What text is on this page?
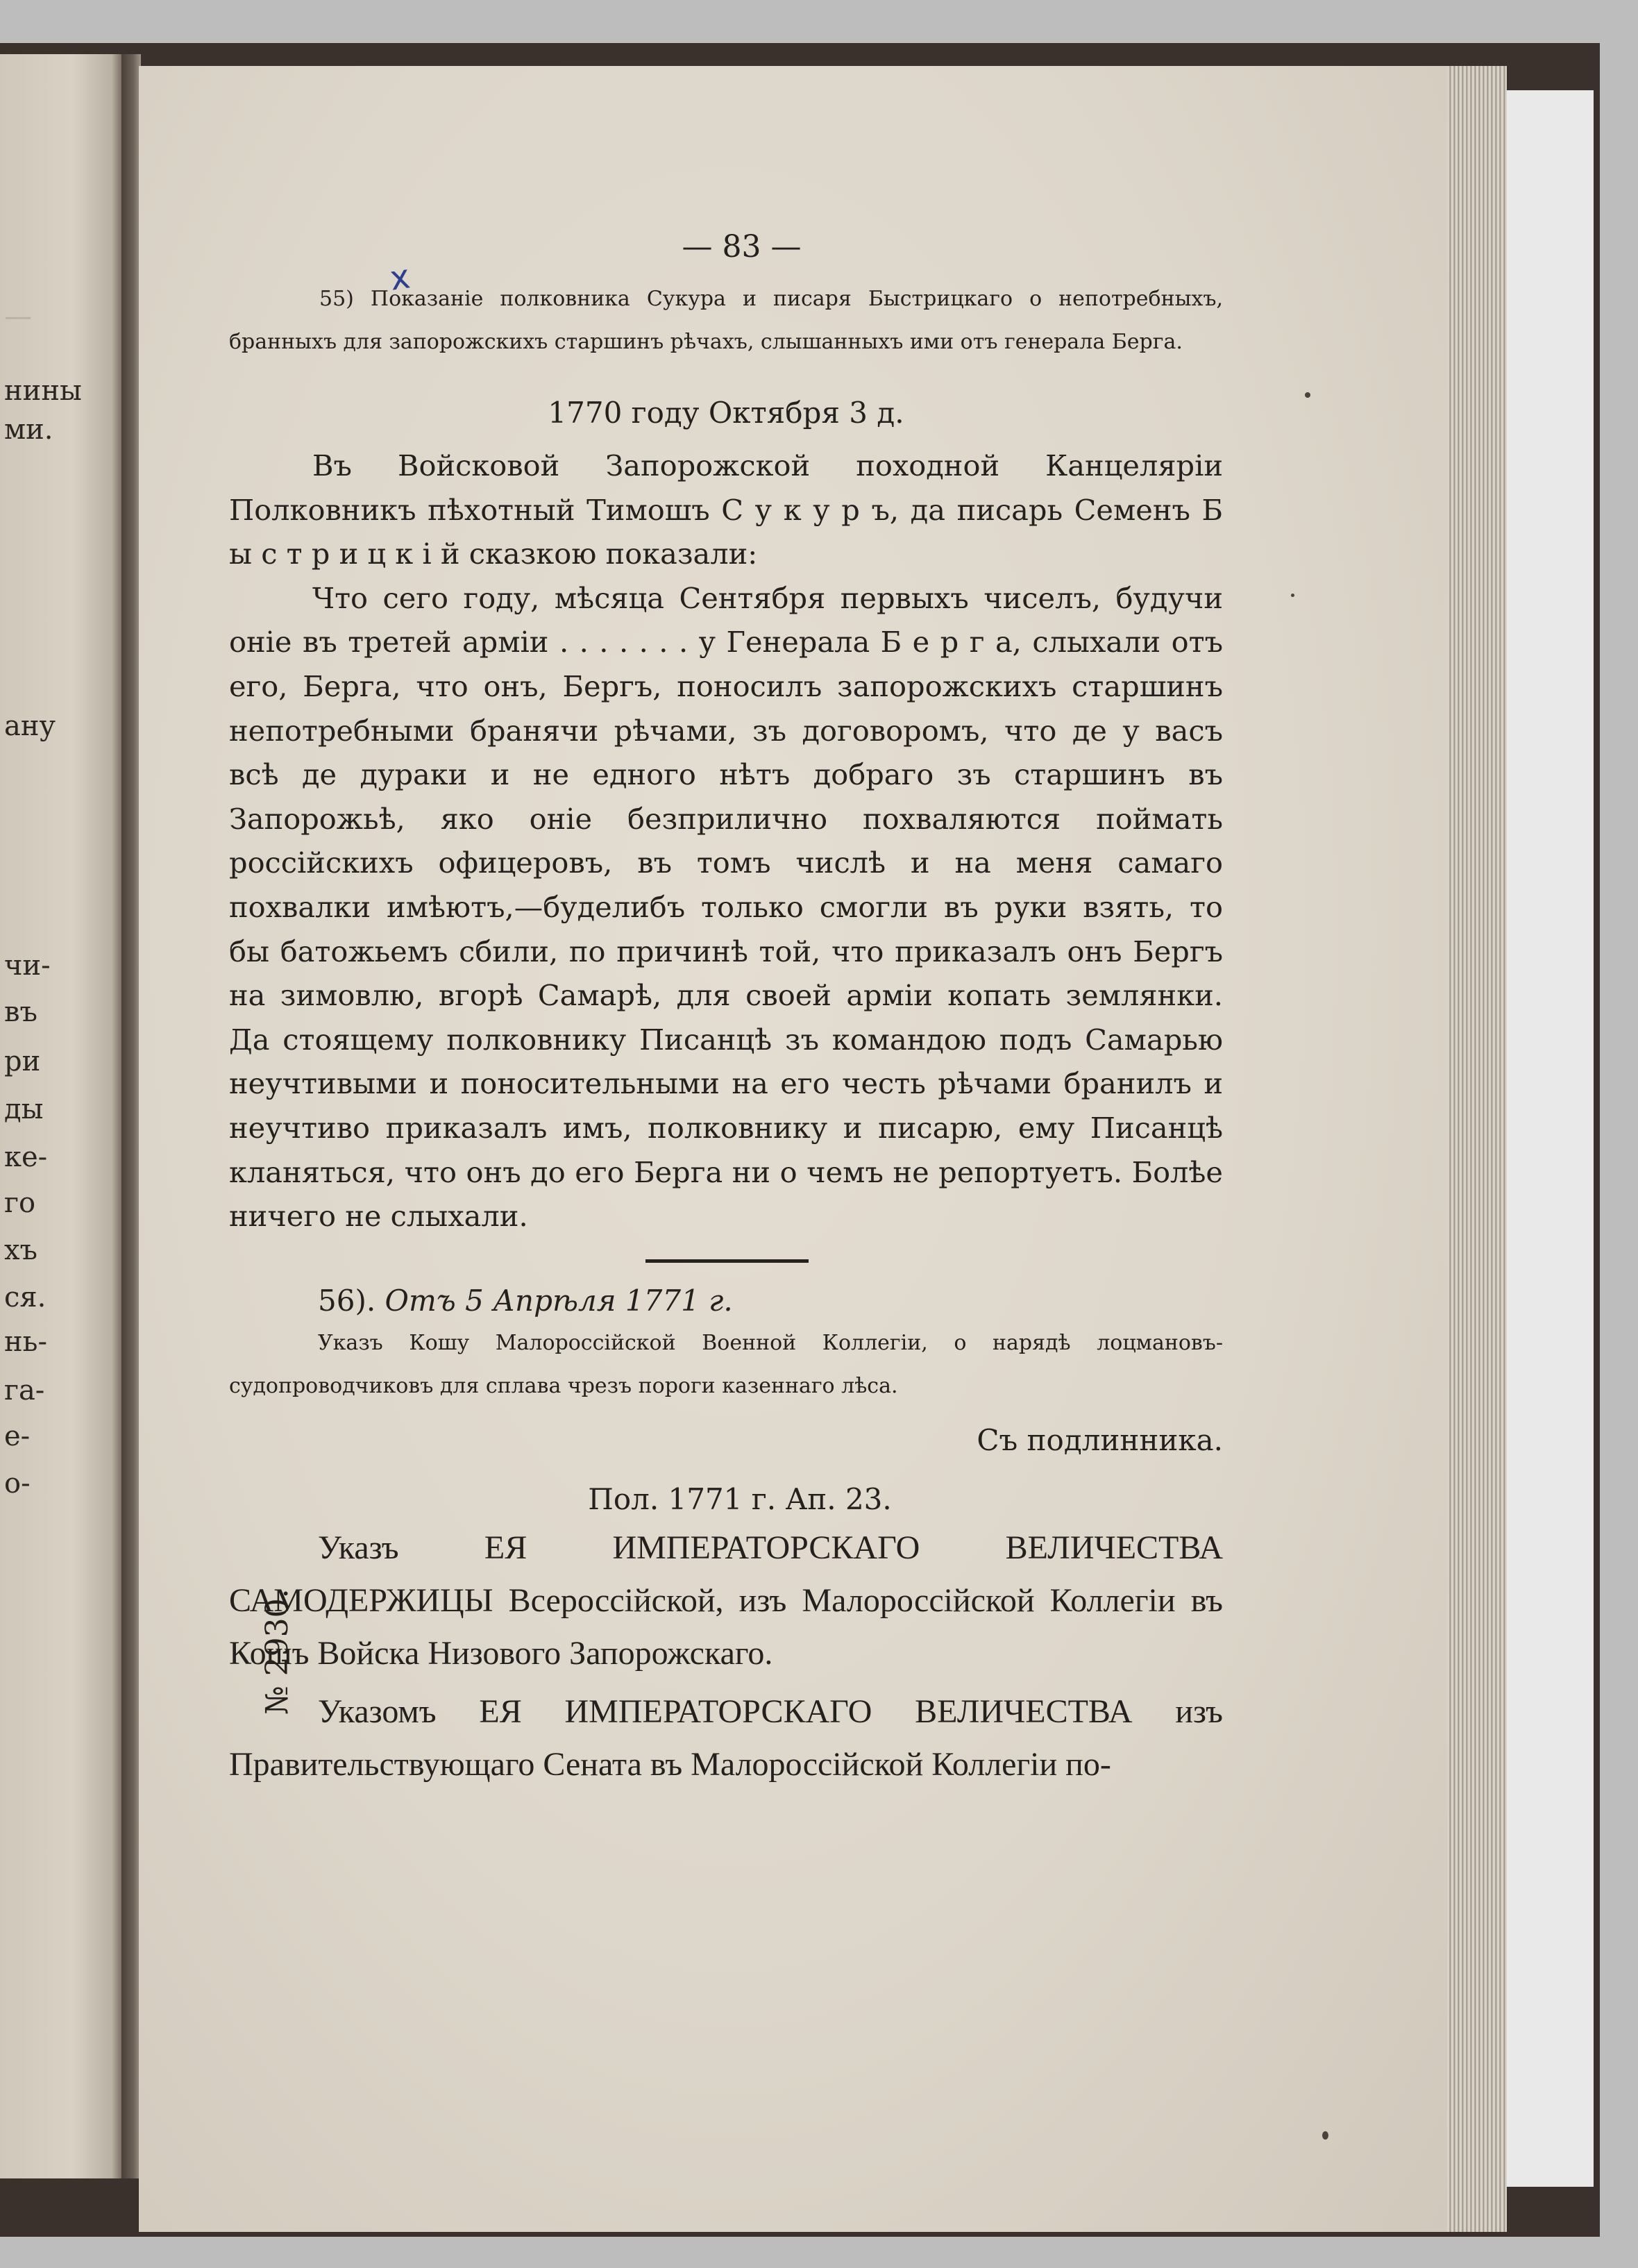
—
нины
ми.
ану
чи-
въ
ри
ды
ке-
го
хъ
ся.
нь-
га-
е-
о-
x
— 83 —
55) Показаніе полковника Сукура и писаря Быстрицкаго о непотребныхъ, бранныхъ для запорожскихъ старшинъ рѣчахъ, слышанныхъ ими отъ генерала Берга.
1770 году Октября 3 д.

Въ Войсковой Запорожской походной Канцеляріи Полковникъ пѣхотный Тимошъ С у к у р ъ, да писарь Семенъ Б ы с т р и ц к і й сказкою показали:

Что сего году, мѣсяца Сентября первыхъ чиселъ, будучи оніе въ третей арміи . . . . . . . у Генерала Б е р г а, слыхали отъ его, Берга, что онъ, Бергъ, поносилъ запорожскихъ старшинъ непотребными бранячи рѣчами, зъ договоромъ, что де у васъ всѣ де дураки и не едного нѣтъ добраго зъ старшинъ въ Запорожьѣ, яко оніе безприлично похваляются поймать россійскихъ офицеровъ, въ томъ числѣ и на меня самаго похвалки имѣютъ,—буделибъ только смогли въ руки взять, то бы батожьемъ сбили, по причинѣ той, что приказалъ онъ Бергъ на зимовлю, вгорѣ Самарѣ, для своей арміи копать землянки. Да стоящему полковнику Писанцѣ зъ командою подъ Самарью неучтивыми и поносительными на его честь рѣчами бранилъ и неучтиво приказалъ имъ, полковнику и писарю, ему Писанцѣ кланяться, что онъ до его Берга ни о чемъ не репортуетъ. Болѣе ничего не слыхали.

56). Отъ 5 Апрѣля 1771 г.
Указъ Кошу Малороссійской Военной Коллегіи, о нарядѣ лоцмановъ-судопроводчиковъ для сплава чрезъ пороги казеннаго лѣса.
Съ подлинника.
Пол. 1771 г. Ап. 23.
Указъ ЕЯ ИМПЕРАТОРСКАГО ВЕЛИЧЕСТВА САМОДЕРЖИЦЫ Всероссійской, изъ Малороссійской Коллегіи въ Кошъ Войска Низового Запорожскаго.
Указомъ ЕЯ ИМПЕРАТОРСКАГО ВЕЛИЧЕСТВА изъ Правительствующаго Сената въ Малороссійской Коллегіи по-
№ 2930.
